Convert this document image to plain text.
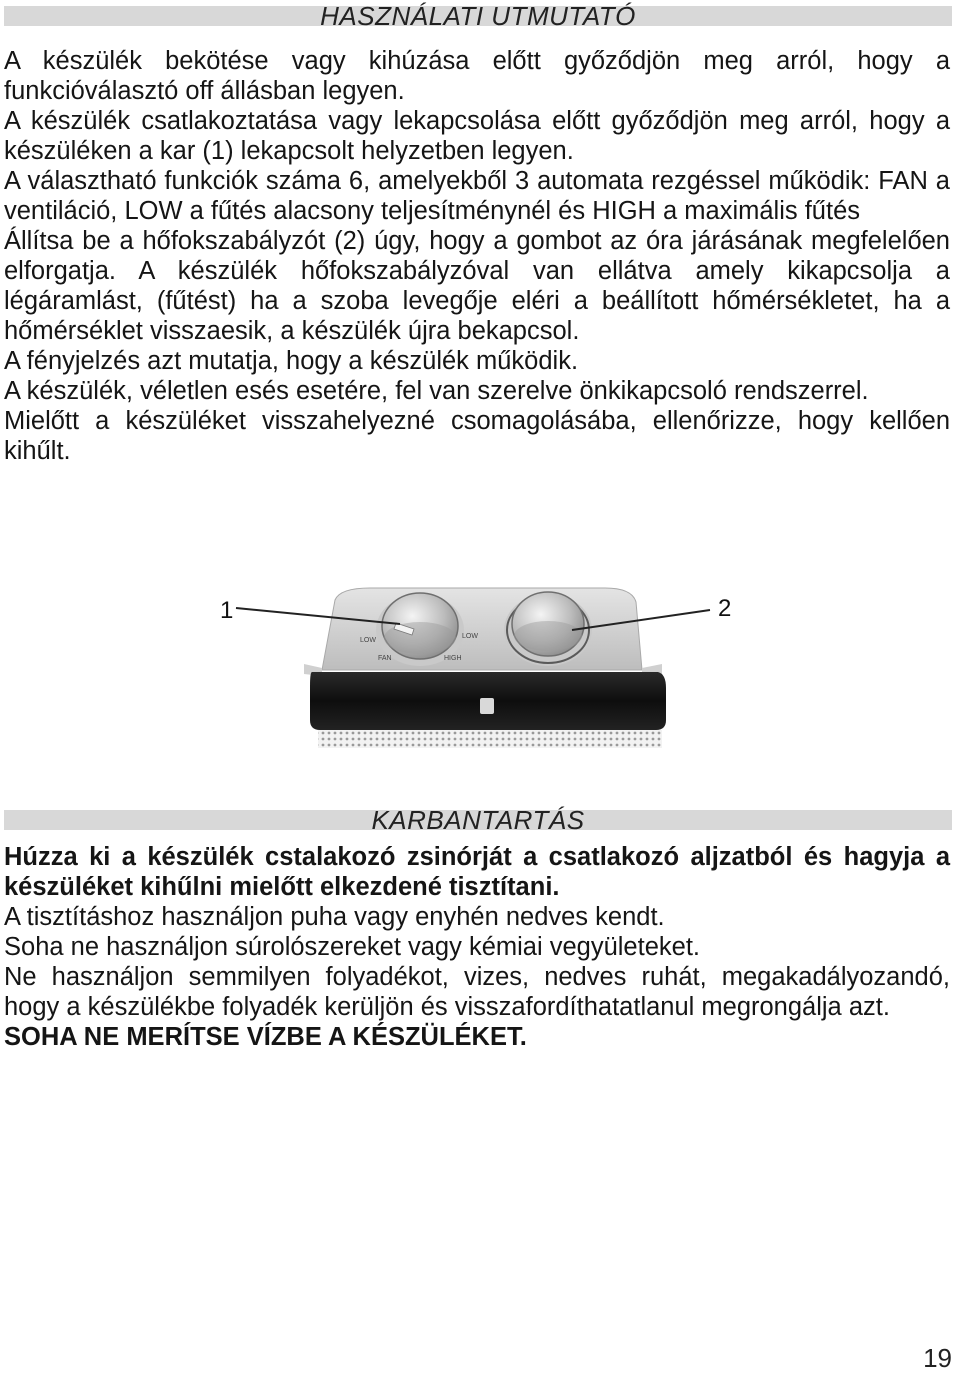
HASZNÁLATI UTMUTATÓ

A készülék bekötése vagy kihúzása előtt győződjön meg arról, hogy a funkcióválasztó off állásban legyen.

A készülék csatlakoztatása vagy lekapcsolása előtt győződjön meg arról, hogy a készüléken a kar (1) lekapcsolt helyzetben legyen.

A választható funkciók száma 6, amelyekből 3 automata rezgéssel működik: FAN a ventiláció, LOW a fűtés alacsony teljesítménynél és HIGH a maximális fűtés

Állítsa be a hőfokszabályzót (2) úgy, hogy a gombot az óra járásának megfelelően elforgatja. A készülék hőfokszabályzóval van ellátva amely kikapcsolja a légáramlást, (fűtést) ha a szoba levegője eléri a beállított hőmérsékletet, ha a hőmérséklet visszaesik, a készülék újra bekapcsol.

A fényjelzés azt mutatja, hogy a készülék működik.

A készülék, véletlen esés esetére, fel van szerelve önkikapcsoló rendszerrel.

Mielőtt a készüléket visszahelyezné csomagolásába, ellenőrizze, hogy kellően kihűlt.

LOW
FAN	HIGH
LOW
1	2
KARBANTARTÁS

Húzza ki a készülék cstalakozó zsinórját a csatlakozó aljzatból és hagyja a készüléket kihűlni mielőtt elkezdené tisztítani.

A tisztításhoz használjon puha vagy enyhén nedves kendt.

Soha ne használjon súrolószereket vagy kémiai vegyületeket.

Ne használjon semmilyen folyadékot, vizes, nedves ruhát, megakadályozandó, hogy a készülékbe folyadék kerüljön és visszafordíthatatlanul megrongálja azt.

SOHA NE MERÍTSE VÍZBE A KÉSZÜLÉKET.

19
